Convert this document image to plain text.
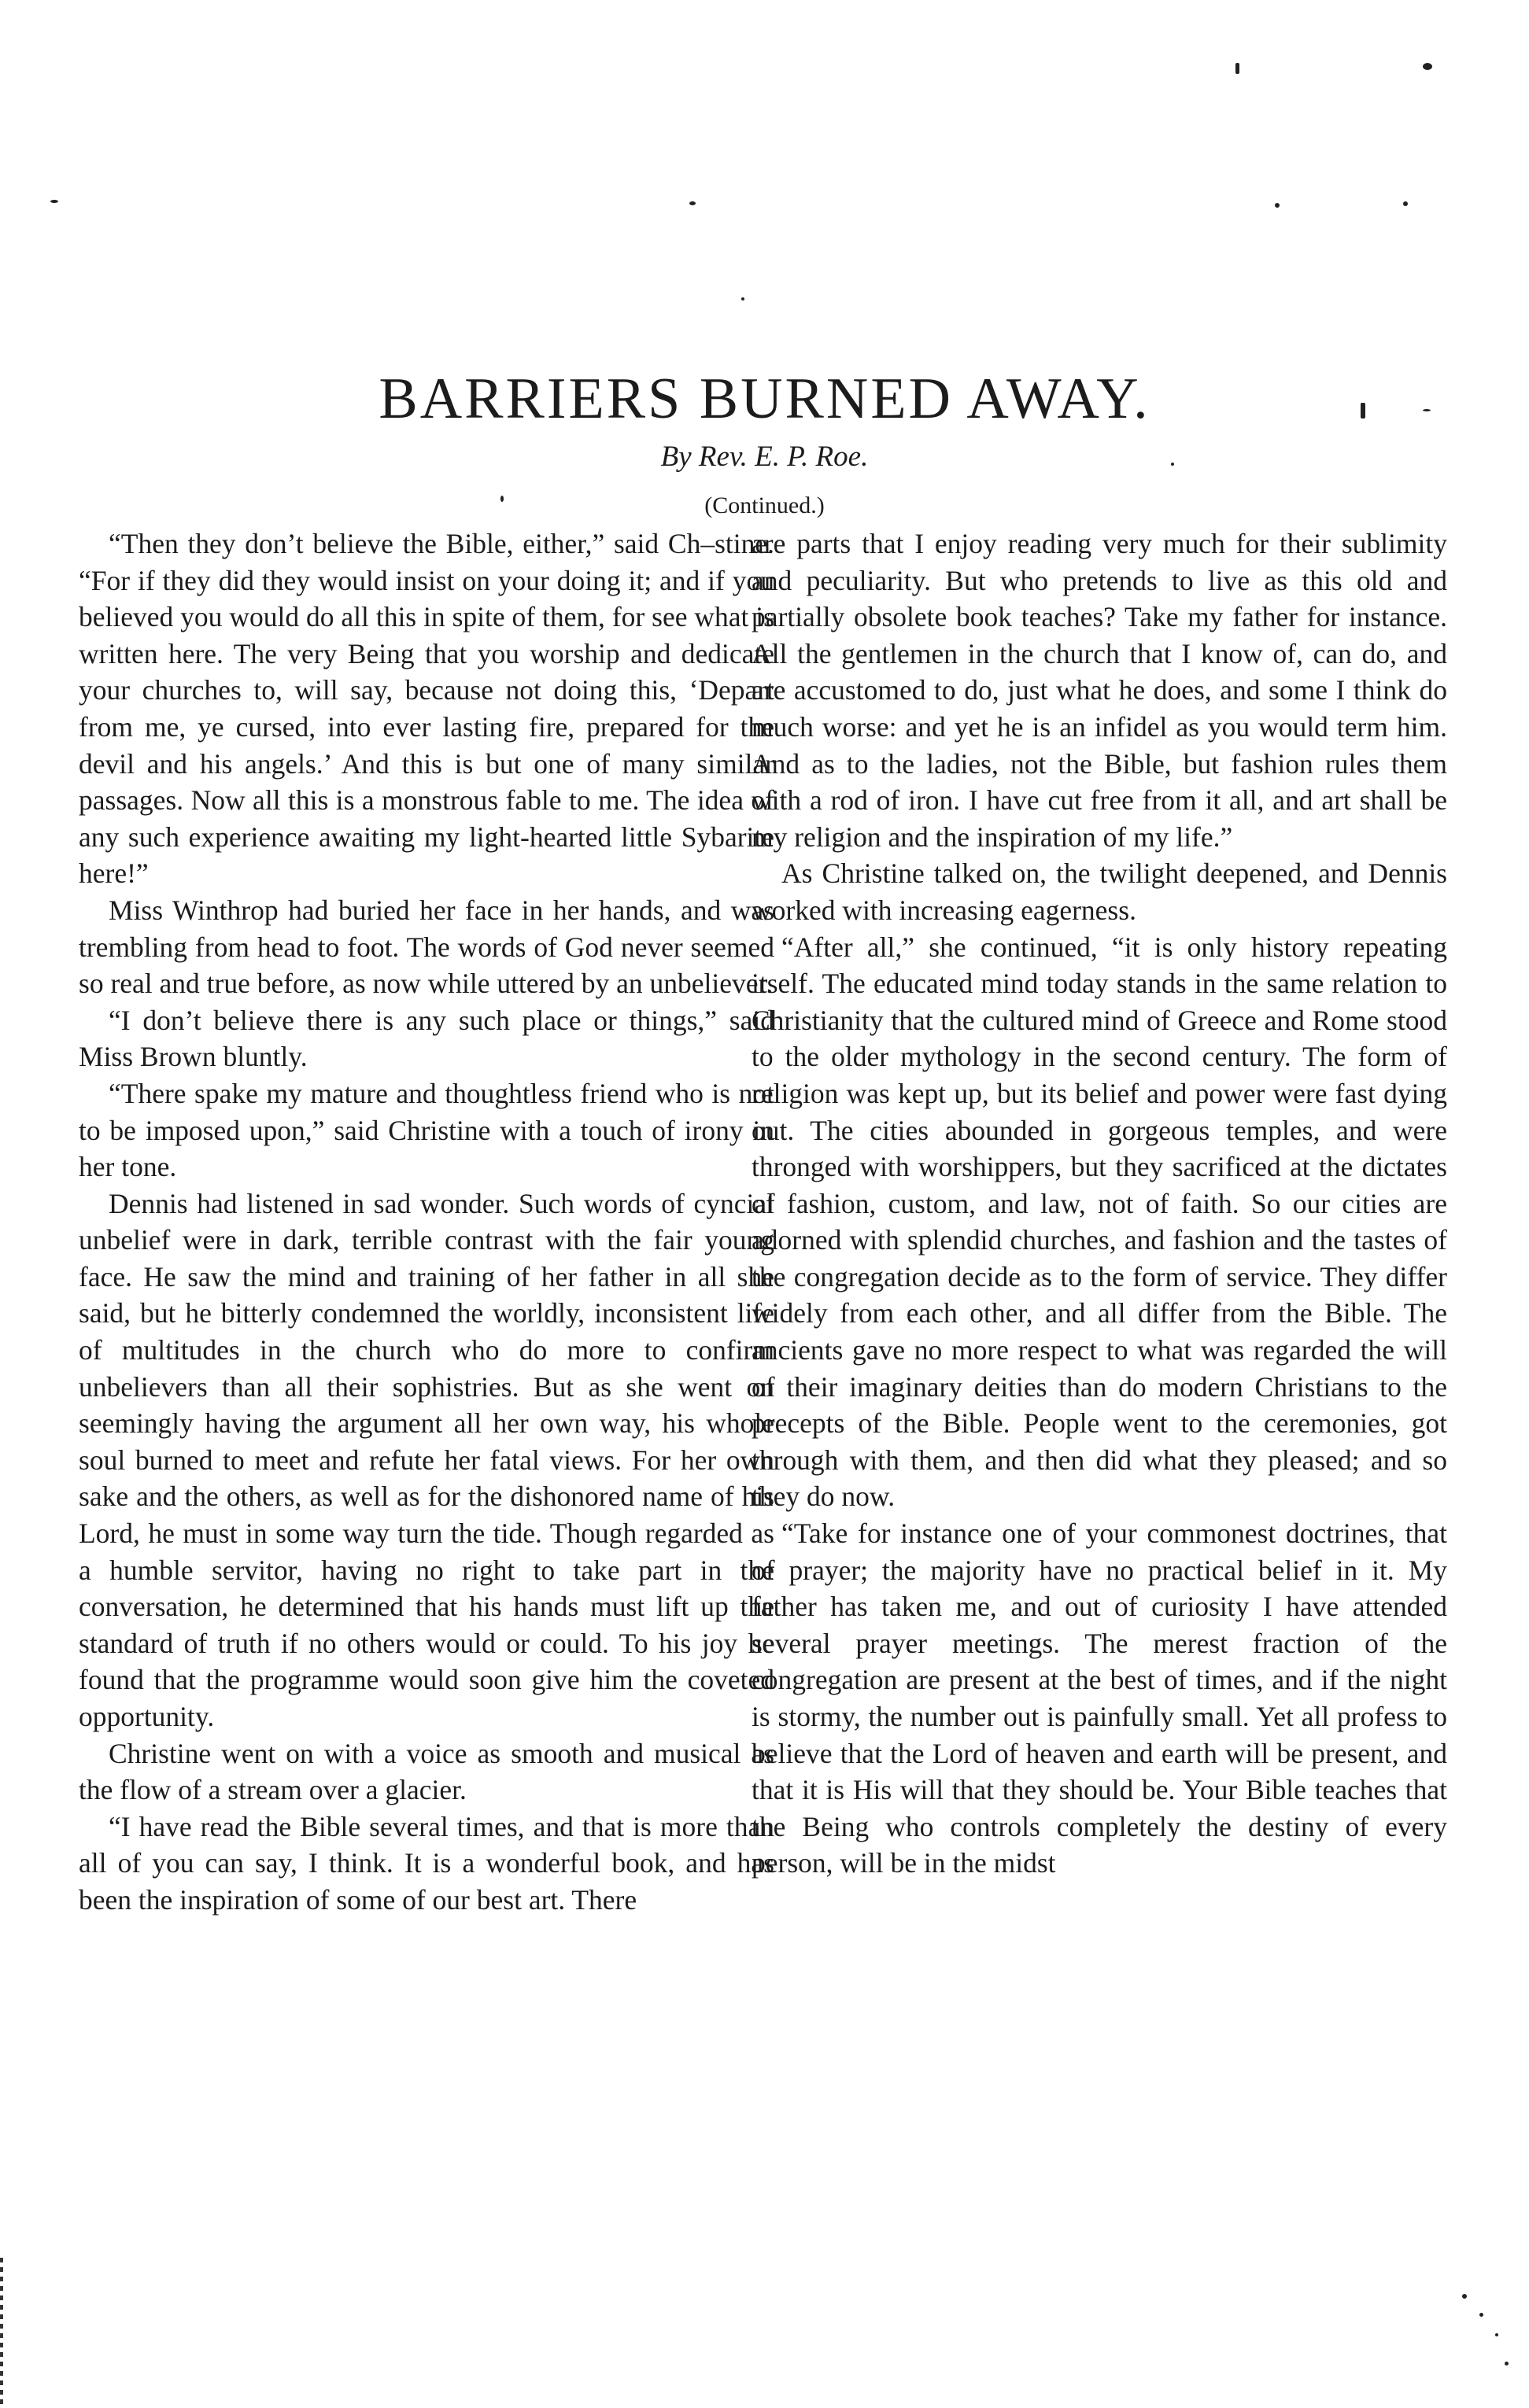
BARRIERS BURNED AWAY.
By Rev. E. P. Roe.
(Continued.)

“Then they don’t believe the Bible, either,” said Ch–stine. “For if they did they would insist on your doing it; and if you believed you would do all this in spite of them, for see what is written here. The very Being that you worship and dedicate your churches to, will say, because not doing this, ‘Depart from me, ye cursed, into ever lasting fire, prepared for the devil and his angels.’ And this is but one of many similar passages. Now all this is a monstrous fable to me. The idea of any such experience awaiting my light-hearted little Sybarite here!”

Miss Winthrop had buried her face in her hands, and was trembling from head to foot. The words of God never seemed so real and true before, as now while uttered by an unbeliever.

“I don’t believe there is any such place or things,” said Miss Brown bluntly.

“There spake my mature and thoughtless friend who is not to be imposed upon,” said Christine with a touch of irony in her tone.

Dennis had listened in sad wonder. Such words of cyncial unbelief were in dark, terrible contrast with the fair young face. He saw the mind and training of her father in all she said, but he bitterly condemned the worldly, inconsistent life of multitudes in the church who do more to confirm unbelievers than all their sophistries. But as she went on seemingly having the argument all her own way, his whole soul burned to meet and refute her fatal views. For her own sake and the others, as well as for the dishonored name of his Lord, he must in some way turn the tide. Though regarded as a humble servitor, having no right to take part in the conversation, he determined that his hands must lift up the standard of truth if no others would or could. To his joy he found that the programme would soon give him the coveted opportunity.

Christine went on with a voice as smooth and musical as the flow of a stream over a glacier.

“I have read the Bible several times, and that is more than all of you can say, I think. It is a wonderful book, and has been the inspiration of some of our best art. There

are parts that I enjoy reading very much for their sublimity and peculiarity. But who pretends to live as this old and partially obsolete book teaches? Take my father for instance. All the gentlemen in the church that I know of, can do, and are accustomed to do, just what he does, and some I think do much worse: and yet he is an infidel as you would term him. And as to the ladies, not the Bible, but fashion rules them with a rod of iron. I have cut free from it all, and art shall be my religion and the inspiration of my life.”

As Christine talked on, the twilight deepened, and Dennis worked with increasing eagerness.

“After all,” she continued, “it is only history repeating itself. The educated mind today stands in the same relation to Christianity that the cultured mind of Greece and Rome stood to the older mythology in the second century. The form of religion was kept up, but its belief and power were fast dying out. The cities abounded in gorgeous temples, and were thronged with worshippers, but they sacrificed at the dictates of fashion, custom, and law, not of faith. So our cities are adorned with splendid churches, and fashion and the tastes of the congregation decide as to the form of service. They differ widely from each other, and all differ from the Bible. The ancients gave no more respect to what was regarded the will of their imaginary deities than do modern Christians to the precepts of the Bible. People went to the ceremonies, got through with them, and then did what they pleased; and so they do now.

“Take for instance one of your commonest doctrines, that of prayer; the majority have no practical belief in it. My father has taken me, and out of curiosity I have attended several prayer meetings. The merest fraction of the congregation are present at the best of times, and if the night is stormy, the number out is painfully small. Yet all profess to believe that the Lord of heaven and earth will be present, and that it is His will that they should be. Your Bible teaches that the Being who controls completely the destiny of every person, will be in the midst
